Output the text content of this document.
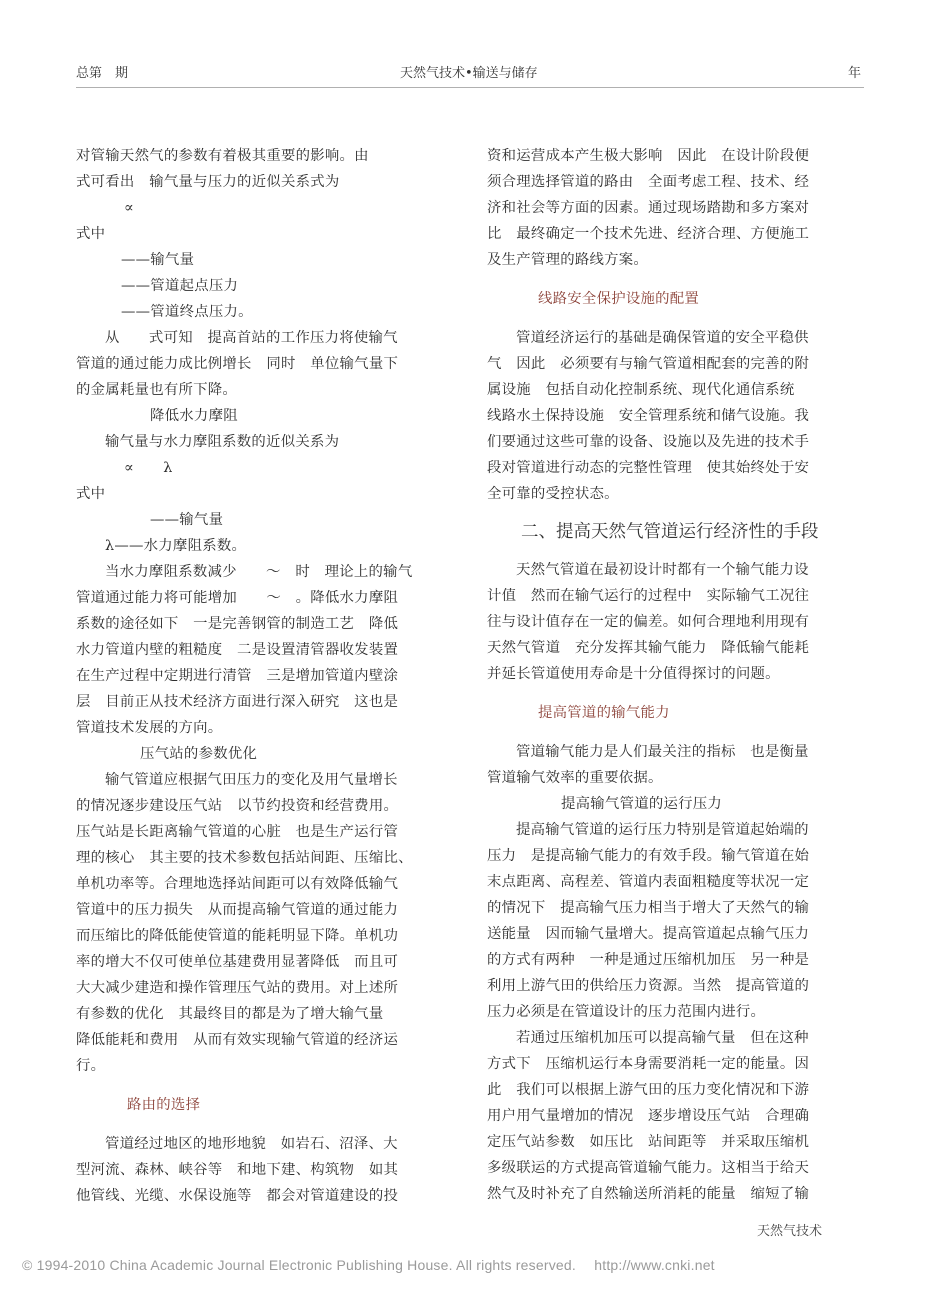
总第　期	天然气技术•输送与储存	年
对管输天然气的参数有着极其重要的影响。由
式可看出　输气量与压力的近似关系式为
∝
式中
——输气量
——管道起点压力
——管道终点压力。
从　　式可知　提高首站的工作压力将使输气
管道的通过能力成比例增长　同时　单位输气量下
的金属耗量也有所下降。
降低水力摩阻
输气量与水力摩阻系数的近似关系为
∝　　λ
式中
——输气量
λ——水力摩阻系数。
当水力摩阻系数减少　　～　时　理论上的输气
管道通过能力将可能增加　　～　。降低水力摩阻
系数的途径如下　一是完善钢管的制造工艺　降低
水力管道内壁的粗糙度　二是设置清管器收发装置
在生产过程中定期进行清管　三是增加管道内壁涂
层　目前正从技术经济方面进行深入研究　这也是
管道技术发展的方向。
压气站的参数优化
输气管道应根据气田压力的变化及用气量增长
的情况逐步建设压气站　以节约投资和经营费用。
压气站是长距离输气管道的心脏　也是生产运行管
理的核心　其主要的技术参数包括站间距、压缩比、
单机功率等。合理地选择站间距可以有效降低输气
管道中的压力损失　从而提高输气管道的通过能力
而压缩比的降低能使管道的能耗明显下降。单机功
率的增大不仅可使单位基建费用显著降低　而且可
大大减少建造和操作管理压气站的费用。对上述所
有参数的优化　其最终目的都是为了增大输气量
降低能耗和费用　从而有效实现输气管道的经济运
行。
路由的选择
管道经过地区的地形地貌　如岩石、沼泽、大
型河流、森林、峡谷等　和地下建、构筑物　如其
他管线、光缆、水保设施等　都会对管道建设的投
资和运营成本产生极大影响　因此　在设计阶段便
须合理选择管道的路由　全面考虑工程、技术、经
济和社会等方面的因素。通过现场踏勘和多方案对
比　最终确定一个技术先进、经济合理、方便施工
及生产管理的路线方案。
线路安全保护设施的配置
管道经济运行的基础是确保管道的安全平稳供
气　因此　必须要有与输气管道相配套的完善的附
属设施　包括自动化控制系统、现代化通信系统
线路水土保持设施　安全管理系统和储气设施。我
们要通过这些可靠的设备、设施以及先进的技术手
段对管道进行动态的完整性管理　使其始终处于安
全可靠的受控状态。
二、提高天然气管道运行经济性的手段
天然气管道在最初设计时都有一个输气能力设
计值　然而在输气运行的过程中　实际输气工况往
往与设计值存在一定的偏差。如何合理地利用现有
天然气管道　充分发挥其输气能力　降低输气能耗
并延长管道使用寿命是十分值得探讨的问题。
提高管道的输气能力
管道输气能力是人们最关注的指标　也是衡量
管道输气效率的重要依据。
提高输气管道的运行压力
提高输气管道的运行压力特别是管道起始端的
压力　是提高输气能力的有效手段。输气管道在始
末点距离、高程差、管道内表面粗糙度等状况一定
的情况下　提高输气压力相当于增大了天然气的输
送能量　因而输气量增大。提高管道起点输气压力
的方式有两种　一种是通过压缩机加压　另一种是
利用上游气田的供给压力资源。当然　提高管道的
压力必须是在管道设计的压力范围内进行。
若通过压缩机加压可以提高输气量　但在这种
方式下　压缩机运行本身需要消耗一定的能量。因
此　我们可以根据上游气田的压力变化情况和下游
用户用气量增加的情况　逐步增设压气站　合理确
定压气站参数　如压比　站间距等　并采取压缩机
多级联运的方式提高管道输气能力。这相当于给天
然气及时补充了自然输送所消耗的能量　缩短了输
天然气技术
© 1994-2010 China Academic Journal Electronic Publishing House. All rights reserved.　 http://www.cnki.net
